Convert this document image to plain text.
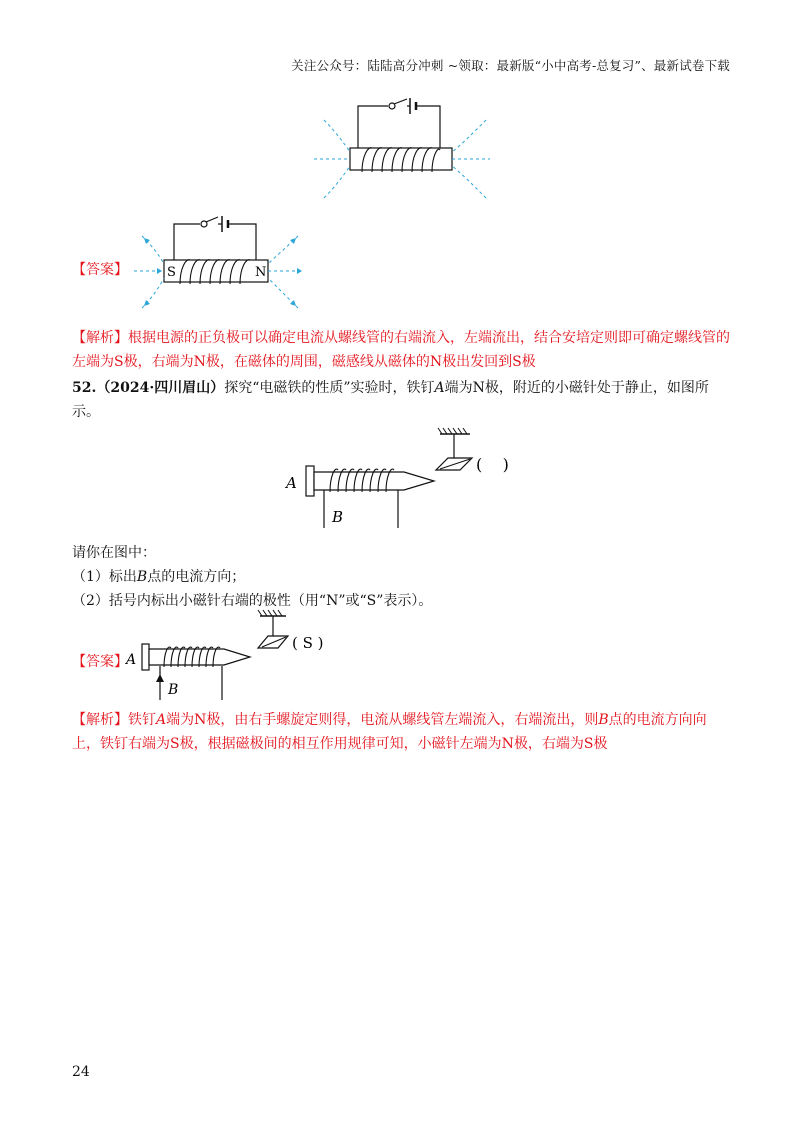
关注公众号：陆陆高分冲刺 ~领取：最新版“小中高考-总复习”、最新试卷下载
【答案】	S	N
【解析】根据电源的正负极可以确定电流从螺线管的右端流入，左端流出，结合安培定则即可确定螺线管的左端为S极，右端为N极，在磁体的周围，磁感线从磁体的N极出发回到S极
52.（2024·四川眉山）探究“电磁铁的性质”实验时，铁钉A端为N极，附近的小磁针处于静止，如图所示。
A
B
(    )
请你在图中：
（1）标出B点的电流方向；
（2）括号内标出小磁针右端的极性（用“N”或“S”表示）。
【答案】
A
B
( S )
【解析】铁钉A端为N极，由右手螺旋定则得，电流从螺线管左端流入，右端流出，则B点的电流方向向上，铁钉右端为S极，根据磁极间的相互作用规律可知，小磁针左端为N极，右端为S极
24
